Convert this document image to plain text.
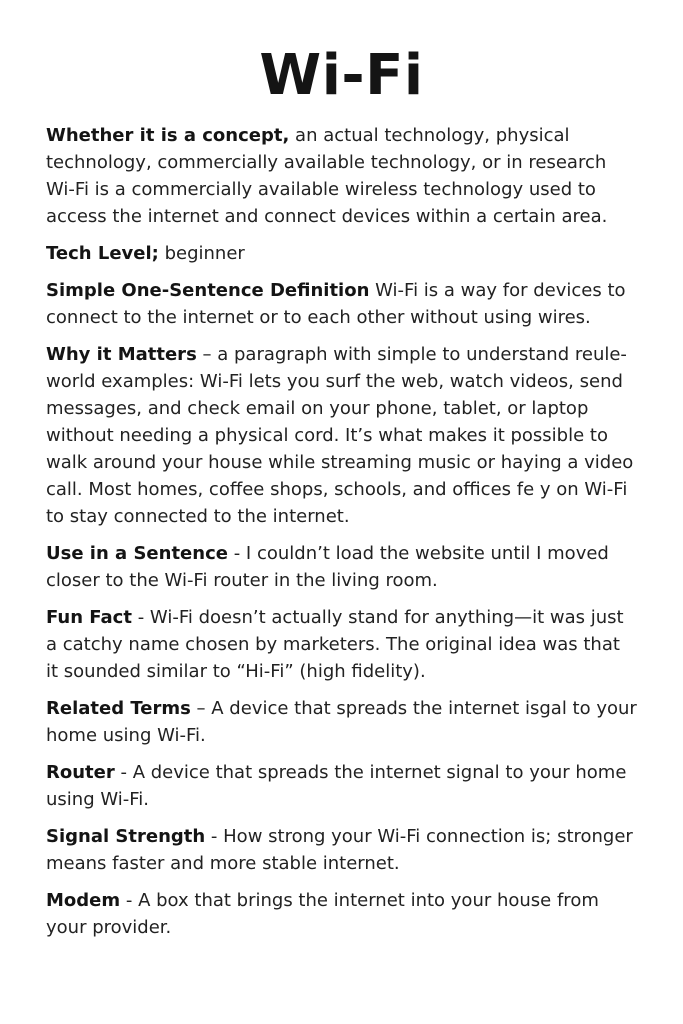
Wi-Fi

Whether it is a concept, an actual technology, physical technology, commercially available technology, or in research Wi-Fi is a commercially available wireless technology used to access the internet and connect devices within a certain area.

Tech Level; beginner

Simple One-Sentence Definition Wi-Fi is a way for devices to connect to the internet or to each other without using wires.

Why it Matters – a paragraph with simple to understand reule-world examples: Wi-Fi lets you surf the web, watch videos, send messages, and check email on your phone, tablet, or laptop without needing a physical cord. It’s what makes it possible to walk around your house while streaming music or haying a video call. Most homes, coffee shops, schools, and offices fe y on Wi-Fi to stay connected to the internet.

Use in a Sentence - I couldn’t load the website until I moved closer to the Wi-Fi router in the living room.

Fun Fact - Wi-Fi doesn’t actually stand for anything—it was just a catchy name chosen by marketers. The original idea was that it sounded similar to “Hi-Fi” (high fidelity).

Related Terms – A device that spreads the internet isgal to your home using Wi-Fi.

Router - A device that spreads the internet signal to your home using Wi-Fi.

Signal Strength - How strong your Wi-Fi connection is; stronger means faster and more stable internet.

Modem - A box that brings the internet into your house from your provider.
